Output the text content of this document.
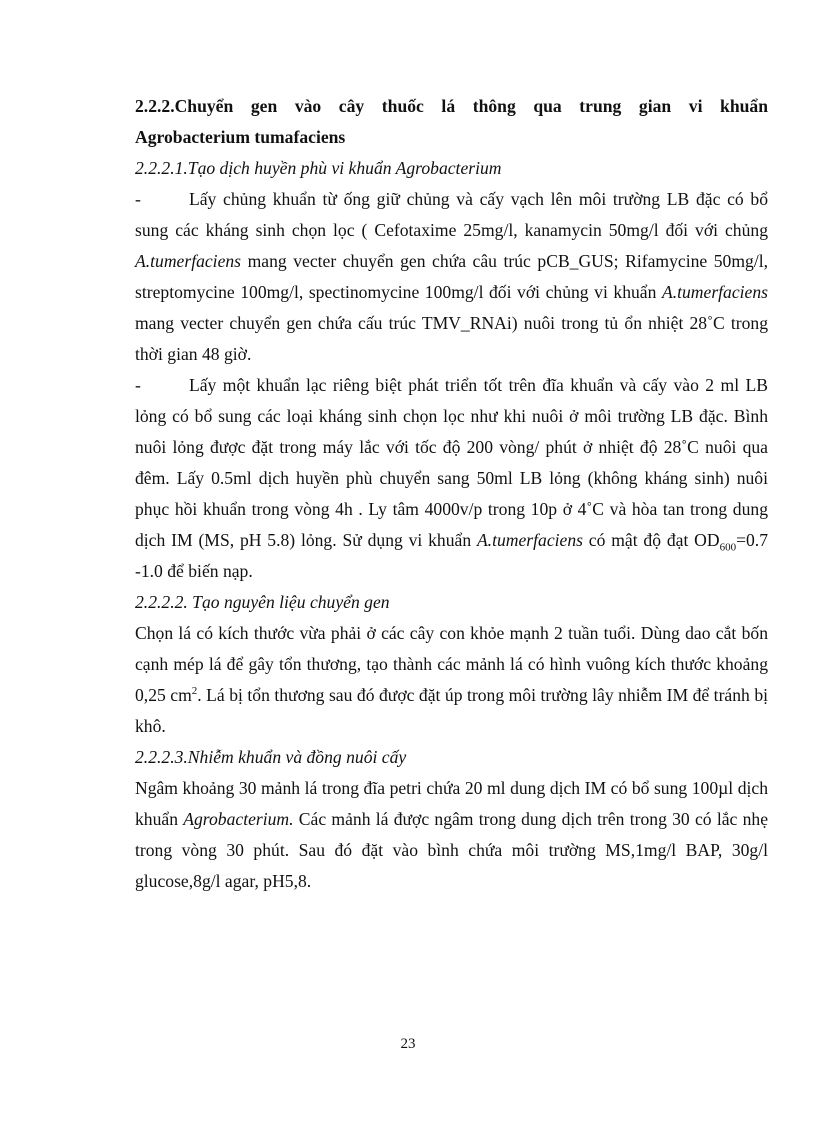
2.2.2.Chuyển gen vào cây thuốc lá thông qua trung gian vi khuẩn
Agrobacterium tumafaciens
2.2.2.1.Tạo dịch huyền phù vi khuẩn Agrobacterium

-	Lấy chủng khuẩn từ ống giữ chủng và cấy vạch lên môi trường LB đặc có bổ sung các kháng sinh chọn lọc ( Cefotaxime 25mg/l, kanamycin 50mg/l đối với chủng A.tumerfaciens mang vecter chuyển gen chứa câu trúc pCB_GUS; Rifamycine 50mg/l, streptomycine 100mg/l, spectinomycine 100mg/l đối với chủng vi khuẩn A.tumerfaciens mang vecter chuyển gen chứa cấu trúc TMV_RNAi) nuôi trong tủ ổn nhiệt 28˚C trong thời gian 48 giờ.

-	Lấy một khuẩn lạc riêng biệt phát triển tốt trên đĩa khuẩn và cấy vào 2 ml LB lỏng có bổ sung các loại kháng sinh chọn lọc như khi nuôi ở môi trường LB đặc. Bình nuôi lỏng được đặt trong máy lắc với tốc độ 200 vòng/ phút ở nhiệt độ 28˚C nuôi qua đêm. Lấy 0.5ml dịch huyền phù chuyển sang 50ml LB lỏng (không kháng sinh) nuôi phục hồi khuẩn trong vòng 4h . Ly tâm 4000v/p trong 10p ở 4˚C và hòa tan trong dung dịch IM (MS, pH 5.8) lỏng. Sử dụng vi khuẩn A.tumerfaciens có mật độ đạt $OD_{600}=0.7$ -1.0 để biến nạp.

2.2.2.2. Tạo nguyên liệu chuyển gen

Chọn lá có kích thước vừa phải ở các cây con khỏe mạnh 2 tuần tuổi. Dùng dao cắt bốn cạnh mép lá để gây tổn thương, tạo thành các mảnh lá có hình vuông kích thước khoảng 0,25 $cm^2$. Lá bị tổn thương sau đó được đặt úp trong môi trường lây nhiễm IM để tránh bị khô.

2.2.2.3.Nhiễm khuẩn và đồng nuôi cấy

Ngâm khoảng 30 mảnh lá trong đĩa petri chứa 20 ml dung dịch IM có bổ sung 100µl dịch khuẩn Agrobacterium. Các mảnh lá được ngâm trong dung dịch trên trong 30 có lắc nhẹ trong vòng 30 phút. Sau đó đặt vào bình chứa môi trường MS,1mg/l BAP, 30g/l glucose,8g/l agar, pH5,8.

23
